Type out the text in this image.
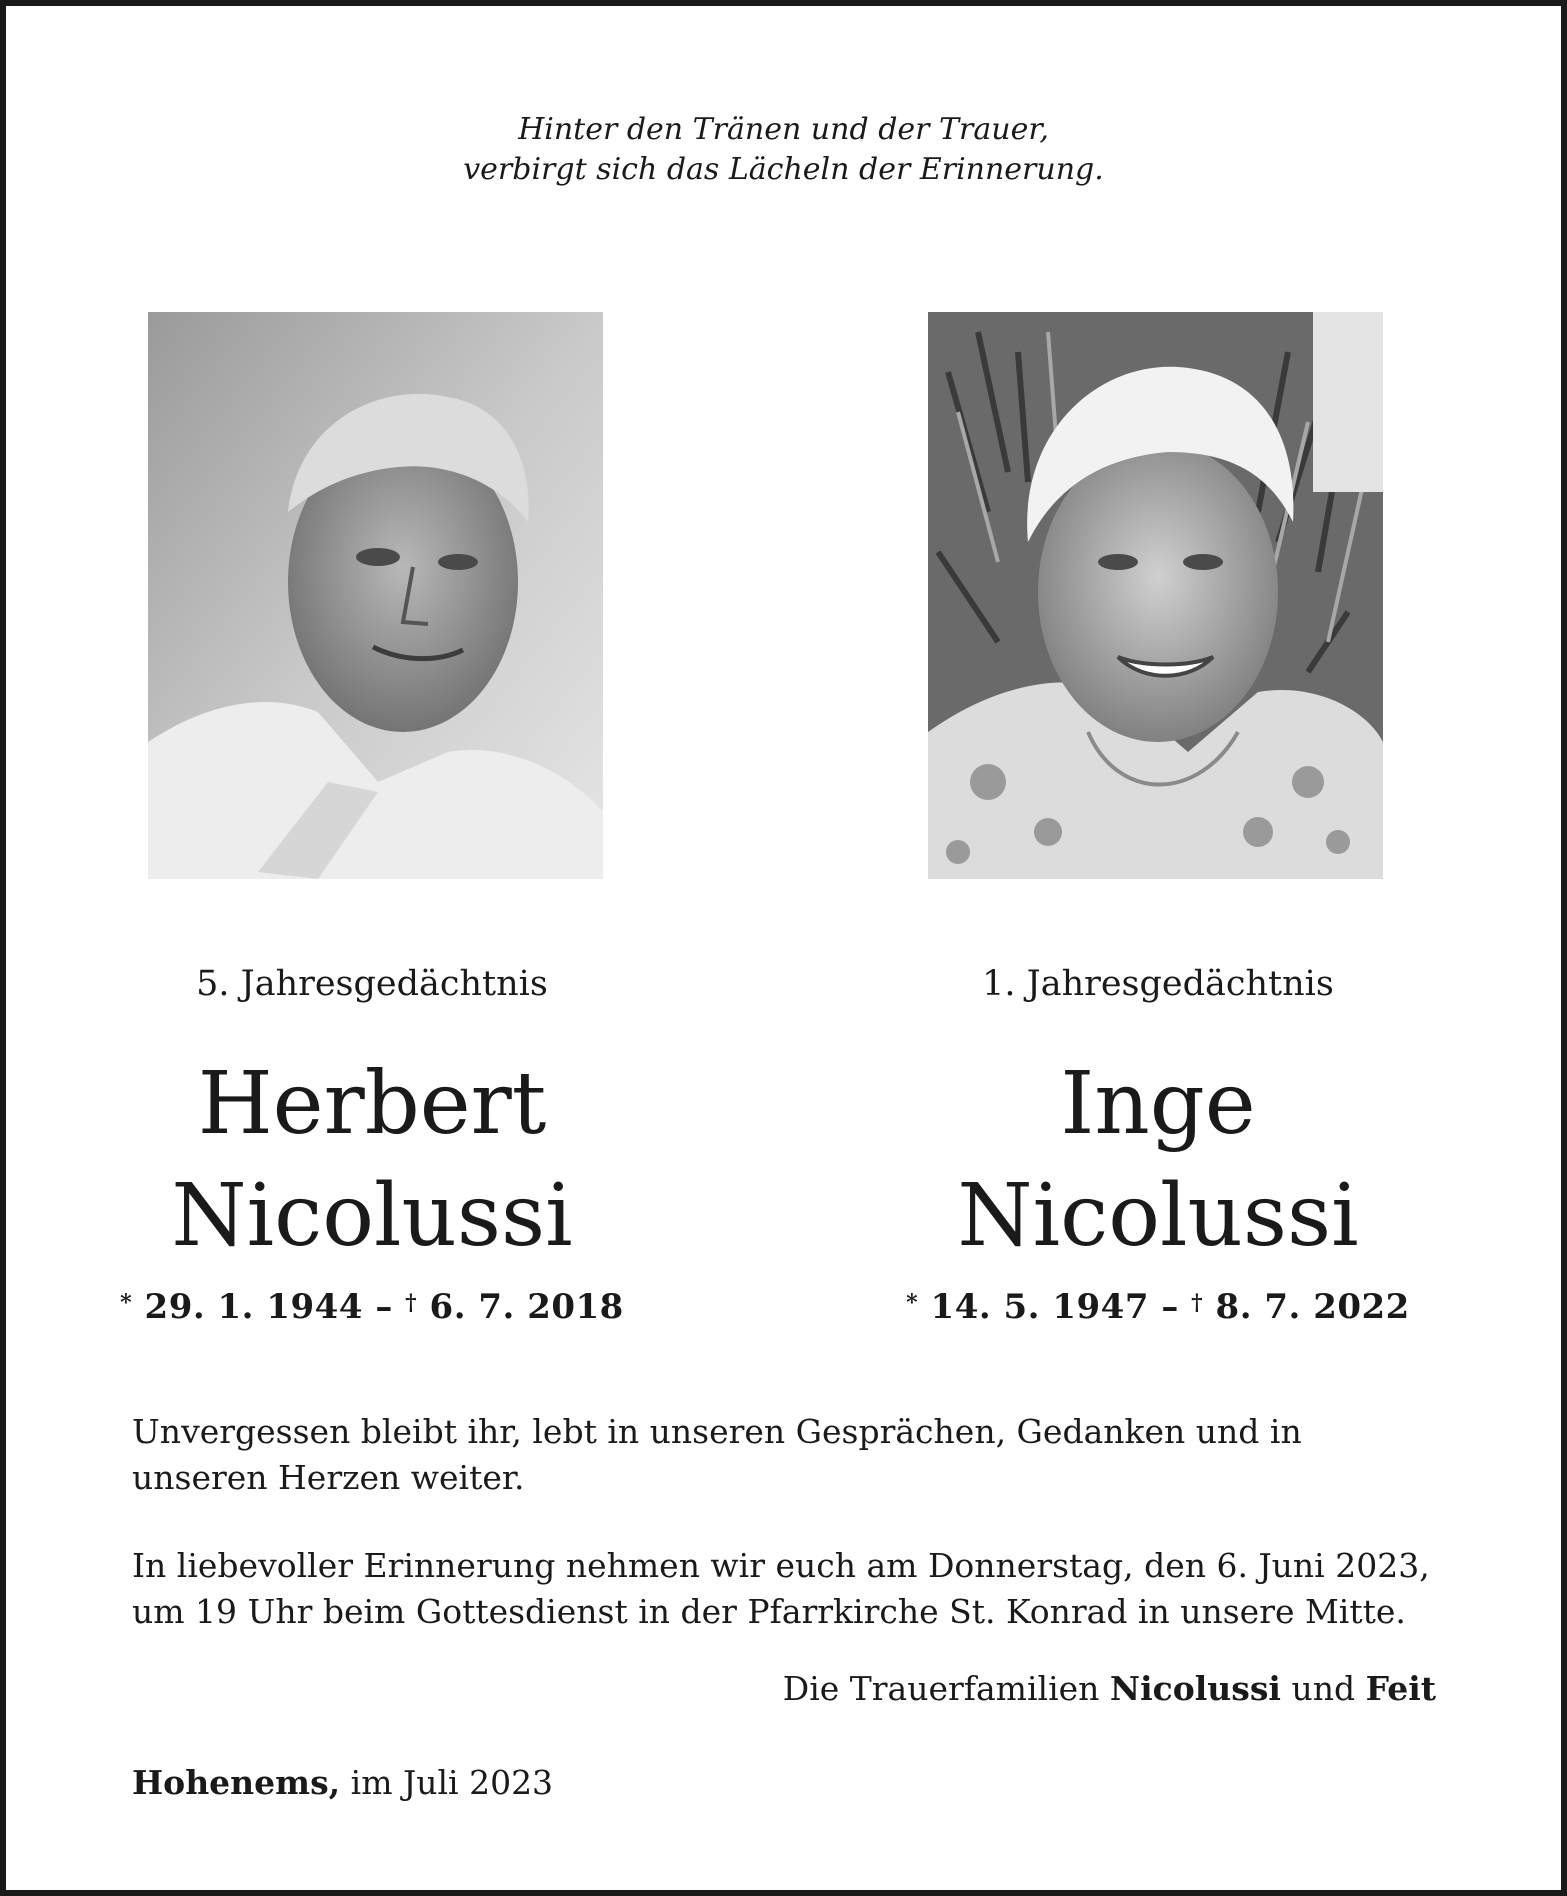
Hinter den Tränen und der Trauer,
verbirgt sich das Lächeln der Erinnerung.
5. Jahresgedächtnis
Herbert
Nicolussi
* 29. 1. 1944 – † 6. 7. 2018
1. Jahresgedächtnis
Inge
Nicolussi
* 14. 5. 1947 – † 8. 7. 2022
Unvergessen bleibt ihr, lebt in unseren Gesprächen, Gedanken und in unseren Herzen weiter.
In liebevoller Erinnerung nehmen wir euch am Donnerstag, den 6. Juni 2023, um 19 Uhr beim Gottesdienst in der Pfarrkirche St. Konrad in unsere Mitte.
Die Trauerfamilien Nicolussi und Feit
Hohenems, im Juli 2023
